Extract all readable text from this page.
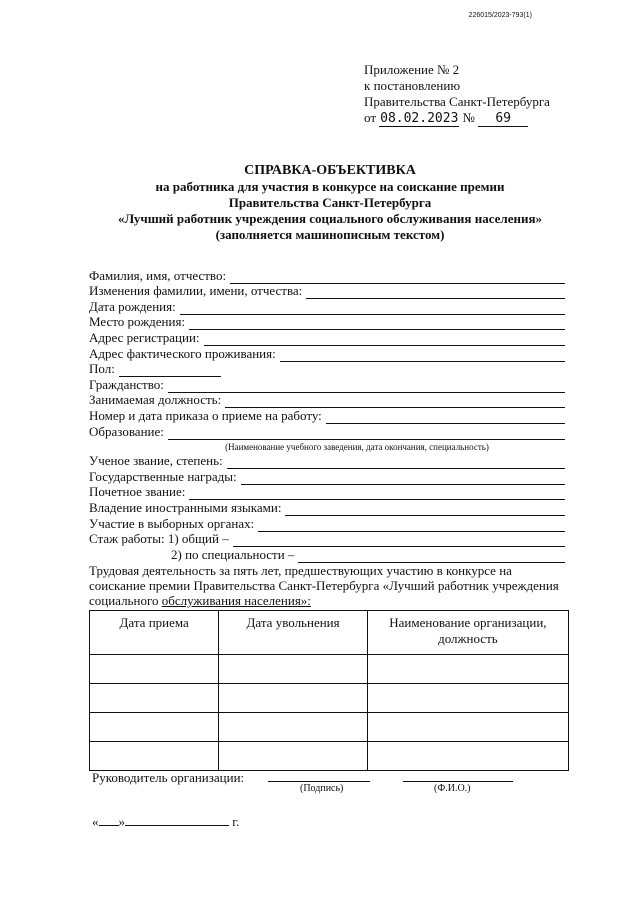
226015/2023-793(1)
Приложение № 2
к постановлению
Правительства Санкт-Петербурга
от 08.02.2023 № 69
СПРАВКА-ОБЪЕКТИВКА
на работника для участия в конкурсе на соискание премии
Правительства Санкт-Петербурга
«Лучший работник учреждения социального обслуживания населения»
(заполняется машинописным текстом)
Фамилия, имя, отчество:
Изменения фамилии, имени, отчества:
Дата рождения:
Место рождения:
Адрес регистрации:
Адрес фактического проживания:
Пол:
Гражданство:
Занимаемая должность:
Номер и дата приказа о приеме на работу:
Образование:
(Наименование учебного заведения, дата окончания, специальность)
Ученое звание, степень:
Государственные награды:
Почетное звание:
Владение иностранными языками:
Участие в выборных органах:
Стаж работы: 1) общий –
2) по специальности –
Трудовая деятельность за пять лет, предшествующих участию в конкурсе на соискание премии Правительства Санкт-Петербурга «Лучший работник учреждения социального обслуживания населения»:
Дата приема	Дата увольнения	Наименование организации, должность

Руководитель организации:
(Подпись)	(Ф.И.О.)
« »	г.
